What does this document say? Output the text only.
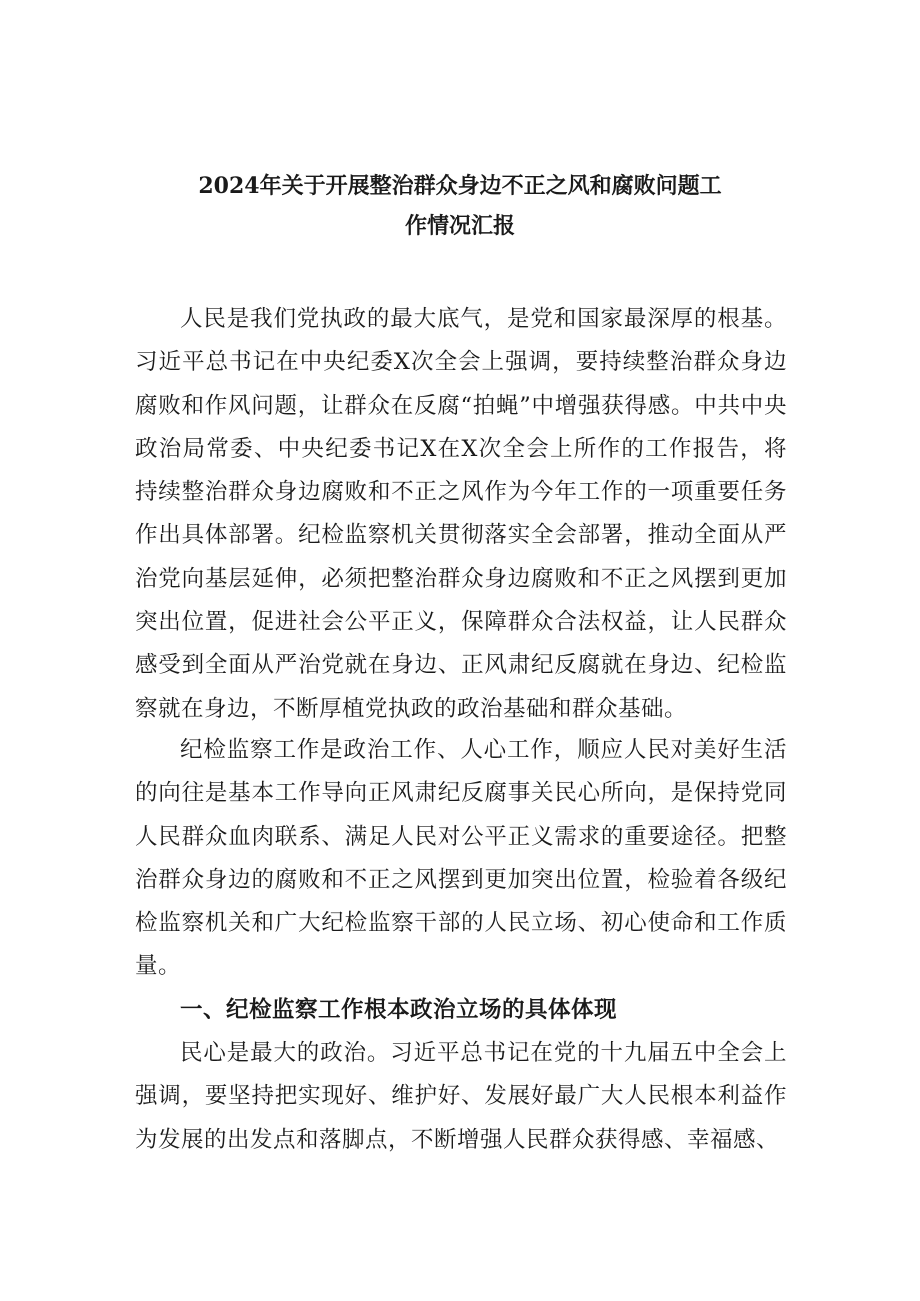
2024年关于开展整治群众身边不正之风和腐败问题工
作情况汇报

人民是我们党执政的最大底气，是党和国家最深厚的根基。习近平总书记在中央纪委X次全会上强调，要持续整治群众身边腐败和作风问题，让群众在反腐“拍蝇”中增强获得感。中共中央政治局常委、中央纪委书记X在X次全会上所作的工作报告，将持续整治群众身边腐败和不正之风作为今年工作的一项重要任务作出具体部署。纪检监察机关贯彻落实全会部署，推动全面从严治党向基层延伸，必须把整治群众身边腐败和不正之风摆到更加突出位置，促进社会公平正义，保障群众合法权益，让人民群众感受到全面从严治党就在身边、正风肃纪反腐就在身边、纪检监察就在身边，不断厚植党执政的政治基础和群众基础。

纪检监察工作是政治工作、人心工作，顺应人民对美好生活的向往是基本工作导向正风肃纪反腐事关民心所向，是保持党同人民群众血肉联系、满足人民对公平正义需求的重要途径。把整治群众身边的腐败和不正之风摆到更加突出位置，检验着各级纪检监察机关和广大纪检监察干部的人民立场、初心使命和工作质量。

一、纪检监察工作根本政治立场的具体体现

民心是最大的政治。习近平总书记在党的十九届五中全会上强调，要坚持把实现好、维护好、发展好最广大人民根本利益作为发展的出发点和落脚点，不断增强人民群众获得感、幸福感、
